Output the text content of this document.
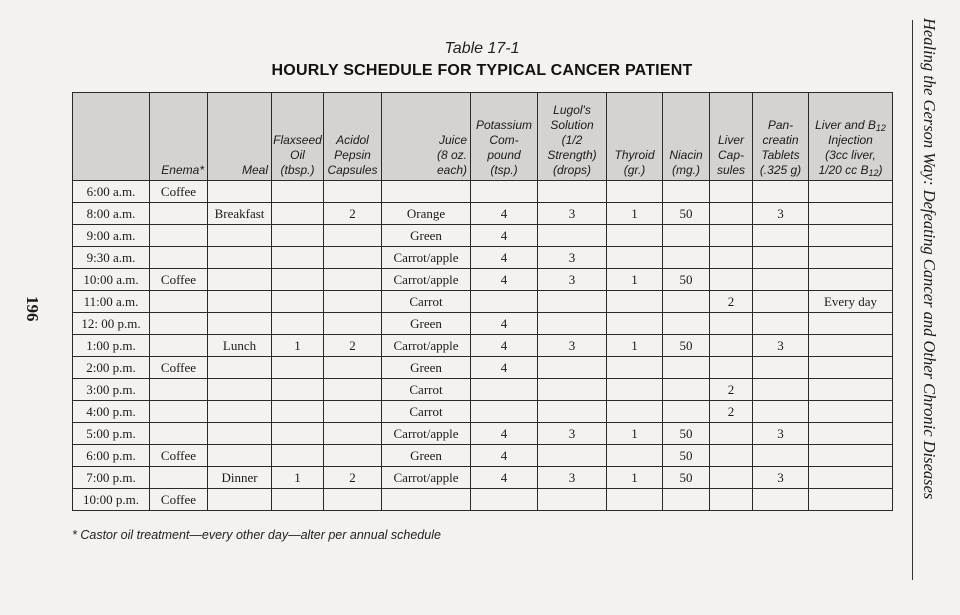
Table 17-1
HOURLY SCHEDULE FOR TYPICAL CANCER PATIENT

	Enema*	Meal	Flaxseed
Oil
(tbsp.)	Acidol
Pepsin
Capsules	Juice
(8 oz.
each)	Potassium
Com-
pound
(tsp.)	Lugol's
Solution
(1/2
Strength)
(drops)	Thyroid
(gr.)	Niacin
(mg.)	Liver
Cap-
sules	Pan-
creatin
Tablets
(.325 g)	Liver and $B_{12}$
Injection
(3cc liver,
1/20 cc $B_{12}$)

6:00 a.m.	Coffee											
8:00 a.m.		Breakfast		2	Orange	4	3	1	50		3	
9:00 a.m.					Green	4						
9:30 a.m.					Carrot/apple	4	3					
10:00 a.m.	Coffee				Carrot/apple	4	3	1	50			
11:00 a.m.					Carrot					2		Every day
12: 00 p.m.					Green	4						
1:00 p.m.		Lunch	1	2	Carrot/apple	4	3	1	50		3	
2:00 p.m.	Coffee				Green	4						
3:00 p.m.					Carrot					2		
4:00 p.m.					Carrot					2		
5:00 p.m.					Carrot/apple	4	3	1	50		3	
6:00 p.m.	Coffee				Green	4			50			
7:00 p.m.		Dinner	1	2	Carrot/apple	4	3	1	50		3	
10:00 p.m.	Coffee											
* Castor oil treatment—every other day—alter per annual schedule
196	Healing the Gerson Way: Defeating Cancer and Other Chronic Diseases
